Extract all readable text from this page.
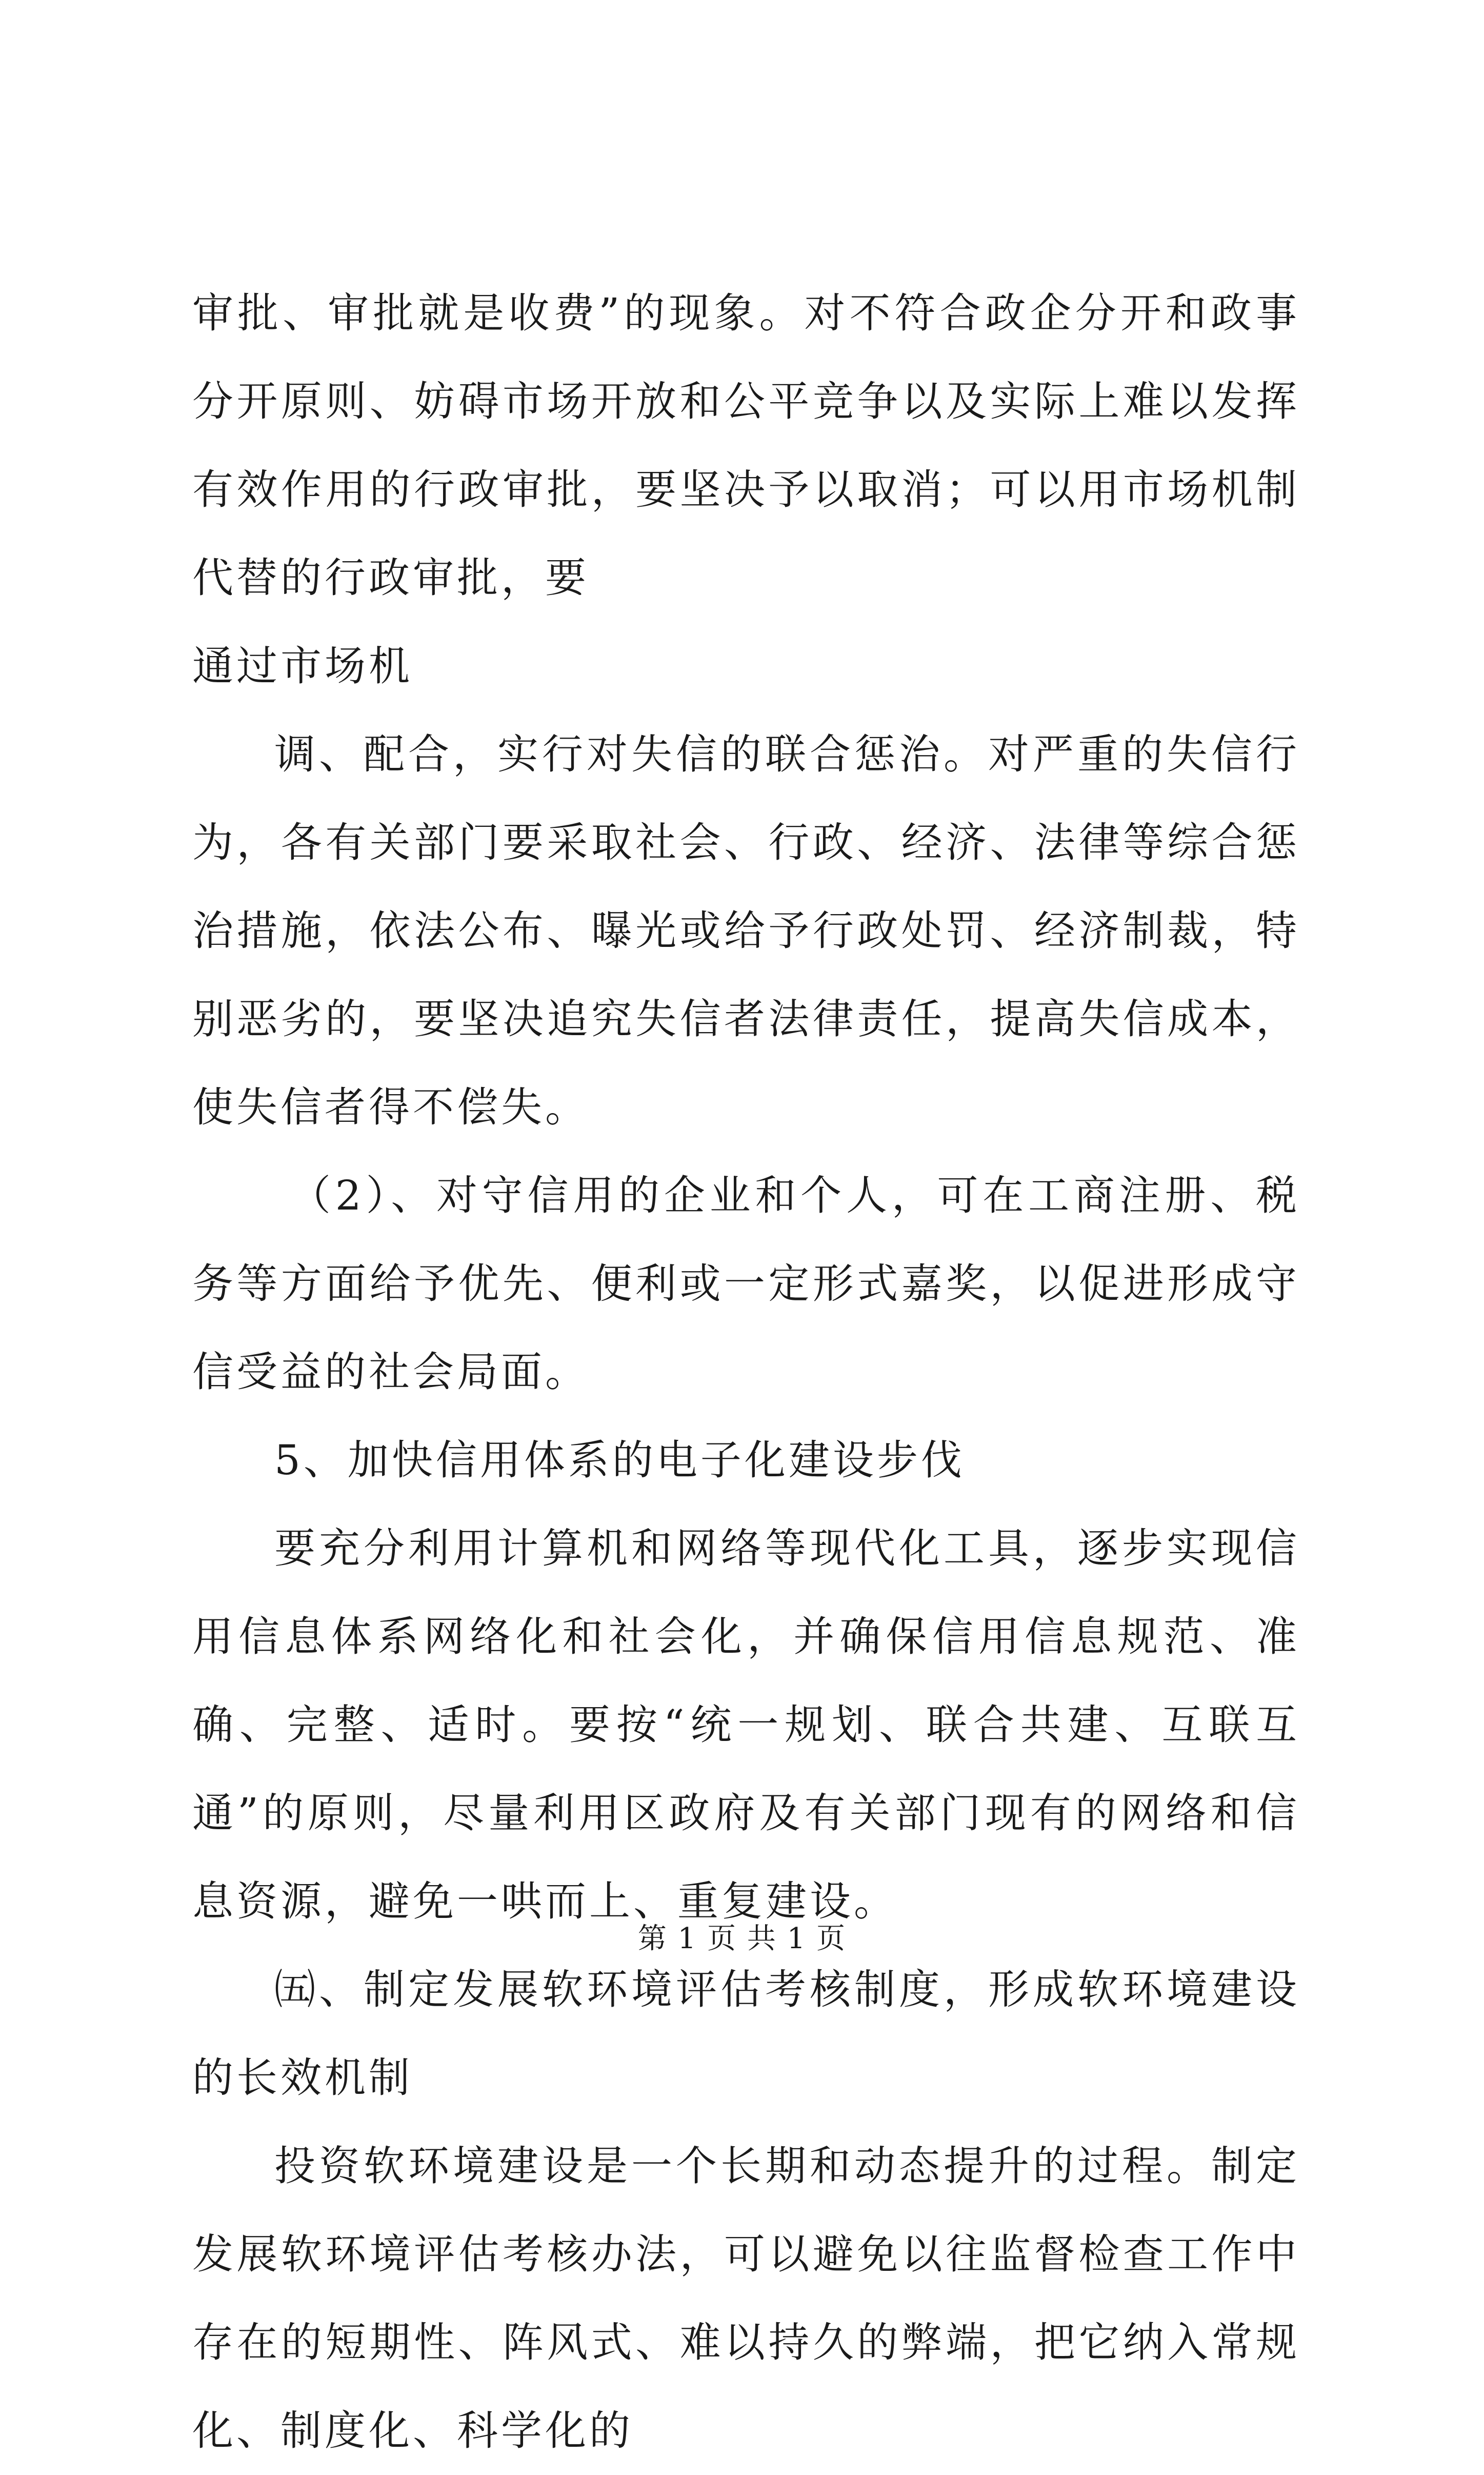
审批、审批就是收费”的现象。对不符合政企分开和政事分开原则、妨碍市场开放和公平竞争以及实际上难以发挥有效作用的行政审批，要坚决予以取消；可以用市场机制代替的行政审批，要

通过市场机

调、配合，实行对失信的联合惩治。对严重的失信行为，各有关部门要采取社会、行政、经济、法律等综合惩治措施，依法公布、曝光或给予行政处罚、经济制裁，特别恶劣的，要坚决追究失信者法律责任，提高失信成本，使失信者得不偿失。

（2）、对守信用的企业和个人，可在工商注册、税务等方面给予优先、便利或一定形式嘉奖，以促进形成守信受益的社会局面。

5、加快信用体系的电子化建设步伐

要充分利用计算机和网络等现代化工具，逐步实现信用信息体系网络化和社会化，并确保信用信息规范、准确、完整、适时。要按“统一规划、联合共建、互联互通”的原则，尽量利用区政府及有关部门现有的网络和信息资源，避免一哄而上、重复建设。

㈤、制定发展软环境评估考核制度，形成软环境建设的长效机制

投资软环境建设是一个长期和动态提升的过程。制定发展软环境评估考核办法，可以避免以往监督检查工作中存在的短期性、阵风式、难以持久的弊端，把它纳入常规化、制度化、科学化的

第 1 页 共 1 页
